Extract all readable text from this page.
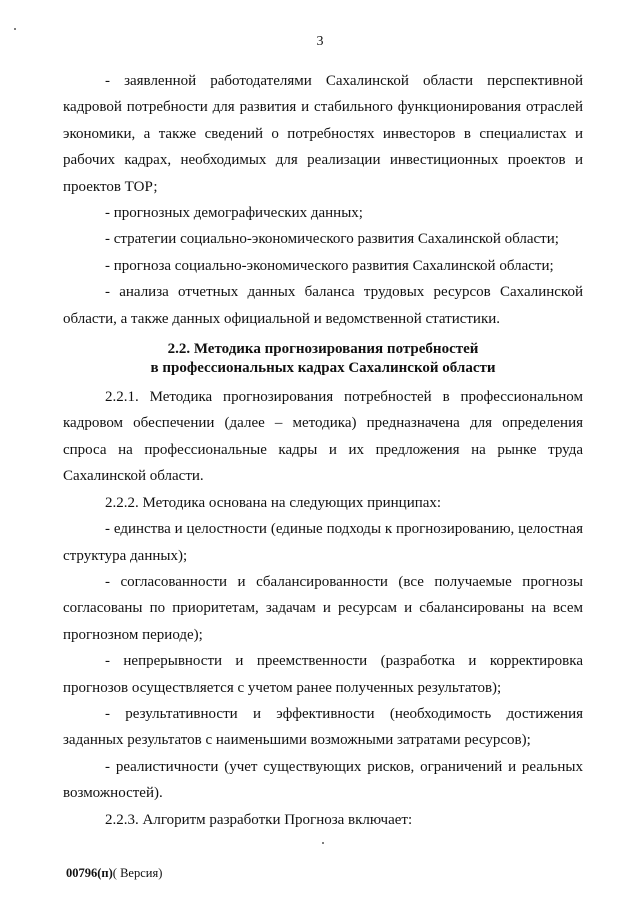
3

- заявленной работодателями Сахалинской области перспективной кадровой потребности для развития и стабильного функционирования отраслей экономики, а также сведений о потребностях инвесторов в специалистах и рабочих кадрах, необходимых для реализации инвестиционных проектов и проектов ТОР;

- прогнозных демографических данных;

- стратегии социально-экономического развития Сахалинской области;

- прогноза социально-экономического развития Сахалинской области;

- анализа отчетных данных баланса трудовых ресурсов Сахалинской области, а также данных официальной и ведомственной статистики.

2.2. Методика прогнозирования потребностей
в профессиональных кадрах Сахалинской области

2.2.1. Методика прогнозирования потребностей в профессиональном кадровом обеспечении (далее – методика) предназначена для определения спроса на профессиональные кадры и их предложения на рынке труда Сахалинской области.

2.2.2. Методика основана на следующих принципах:

- единства и целостности (единые подходы к прогнозированию, целостная структура данных);

- согласованности и сбалансированности (все получаемые прогнозы согласованы по приоритетам, задачам и ресурсам и сбалансированы на всем прогнозном периоде);

- непрерывности и преемственности (разработка и корректировка прогнозов осуществляется с учетом ранее полученных результатов);

- результативности и эффективности (необходимость достижения заданных результатов с наименьшими возможными затратами ресурсов);

- реалистичности (учет существующих рисков, ограничений и реальных возможностей).

2.2.3. Алгоритм разработки Прогноза включает:

00796(п)( Версия)
